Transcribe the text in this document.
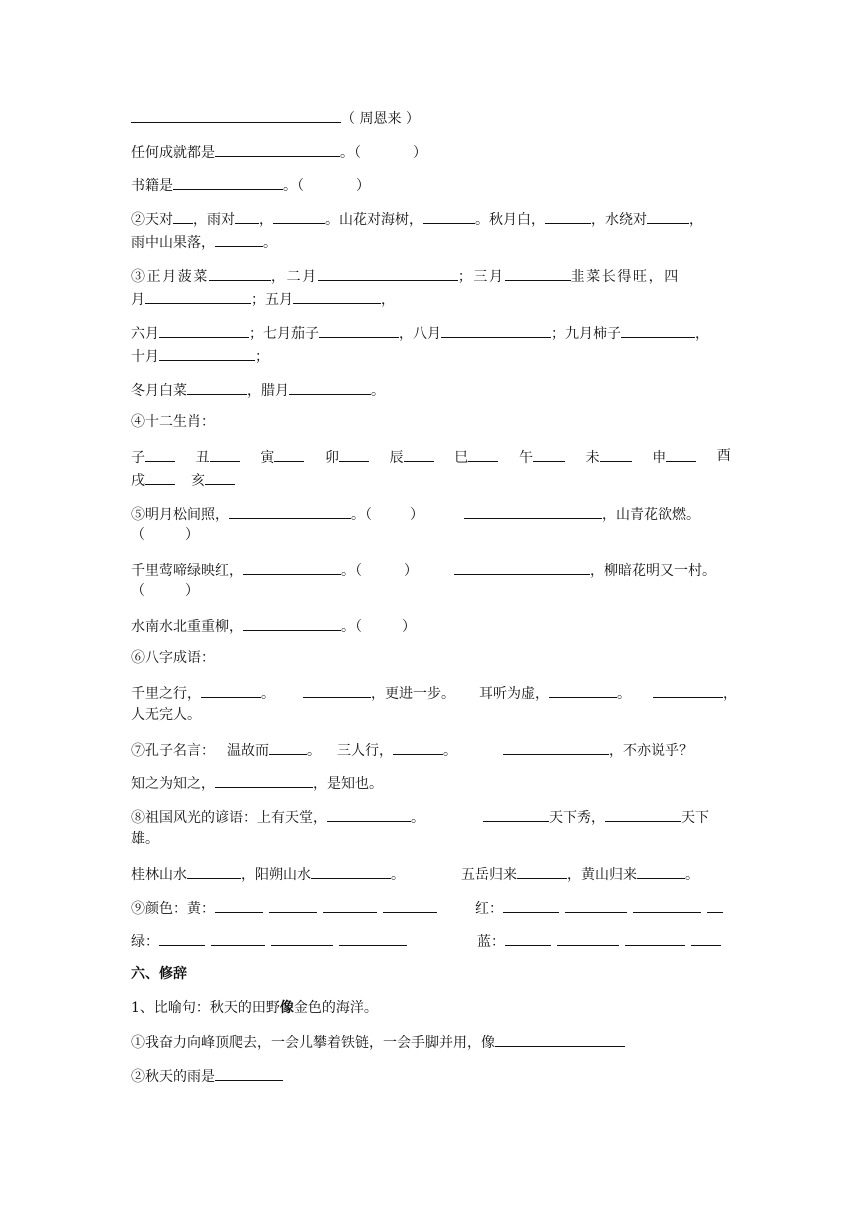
（ 周恩来 ）
任何成就都是	。（	）
书籍是	。（	）
②天对 ，雨对 ，	。山花对海树，	。秋月白，	，水绕对	，
雨中山果落，	。
③正月菠菜	，二月	；三月	韭菜长得旺，四
月	；五月	，
六月	；七月茄子	，八月	；九月柿子	，
十月	；
冬月白菜	，腊月	。
④十二生肖：
子	丑	寅	卯	辰	巳	午	未	申	酉
戌	亥
⑤明月松间照，	。（	）	，山青花欲燃。
（	）
千里莺啼绿映红，	。（	）	，柳暗花明又一村。
（	）
水南水北重重柳，	。（	）
⑥八字成语：
千里之行，	。	，更进一步。 耳听为虚，	。	，
人无完人。
⑦孔子名言： 温故而	。 三人行，	。	，不亦说乎？
知之为知之，	，是知也。
⑧祖国风光的谚语：上有天堂，	。	天下秀，	天下
雄。
桂林山水	，阳朔山水	。	五岳归来	，黄山归来	。
⑨颜色：黄：	红：
绿：	蓝：
六、修辞
1、比喻句：秋天的田野像金色的海洋。
①我奋力向峰顶爬去，一会儿攀着铁链，一会手脚并用，像
②秋天的雨是
